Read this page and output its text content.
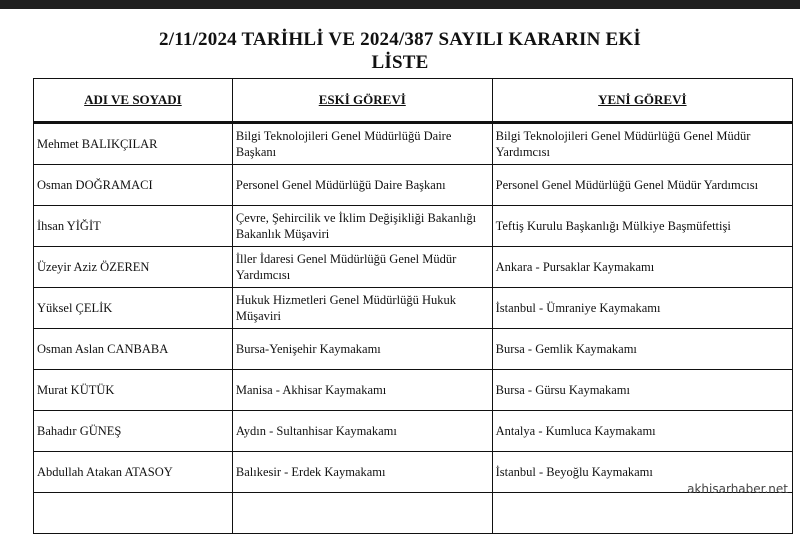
2/11/2024 TARİHLİ VE 2024/387 SAYILI KARARIN EKİ
LİSTE
ADI VE SOYADI	ESKİ GÖREVİ	YENİ GÖREVİ
Mehmet BALIKÇILAR	Bilgi Teknolojileri Genel Müdürlüğü Daire Başkanı	Bilgi Teknolojileri Genel Müdürlüğü Genel Müdür Yardımcısı
Osman DOĞRAMACI	Personel Genel Müdürlüğü Daire Başkanı	Personel Genel Müdürlüğü Genel Müdür Yardımcısı
İhsan YİĞİT	Çevre, Şehircilik ve İklim Değişikliği Bakanlığı Bakanlık Müşaviri	Teftiş Kurulu Başkanlığı Mülkiye Başmüfettişi
Üzeyir Aziz ÖZEREN	İller İdaresi Genel Müdürlüğü Genel Müdür Yardımcısı	Ankara - Pursaklar Kaymakamı
Yüksel ÇELİK	Hukuk Hizmetleri Genel Müdürlüğü Hukuk Müşaviri	İstanbul - Ümraniye Kaymakamı
Osman Aslan CANBABA	Bursa-Yenişehir Kaymakamı	Bursa - Gemlik Kaymakamı
Murat KÜTÜK	Manisa - Akhisar Kaymakamı	Bursa - Gürsu Kaymakamı
Bahadır GÜNEŞ	Aydın - Sultanhisar Kaymakamı	Antalya - Kumluca Kaymakamı
Abdullah Atakan ATASOY	Balıkesir - Erdek Kaymakamı	İstanbul - Beyoğlu Kaymakamı

akhisarhaber.net
